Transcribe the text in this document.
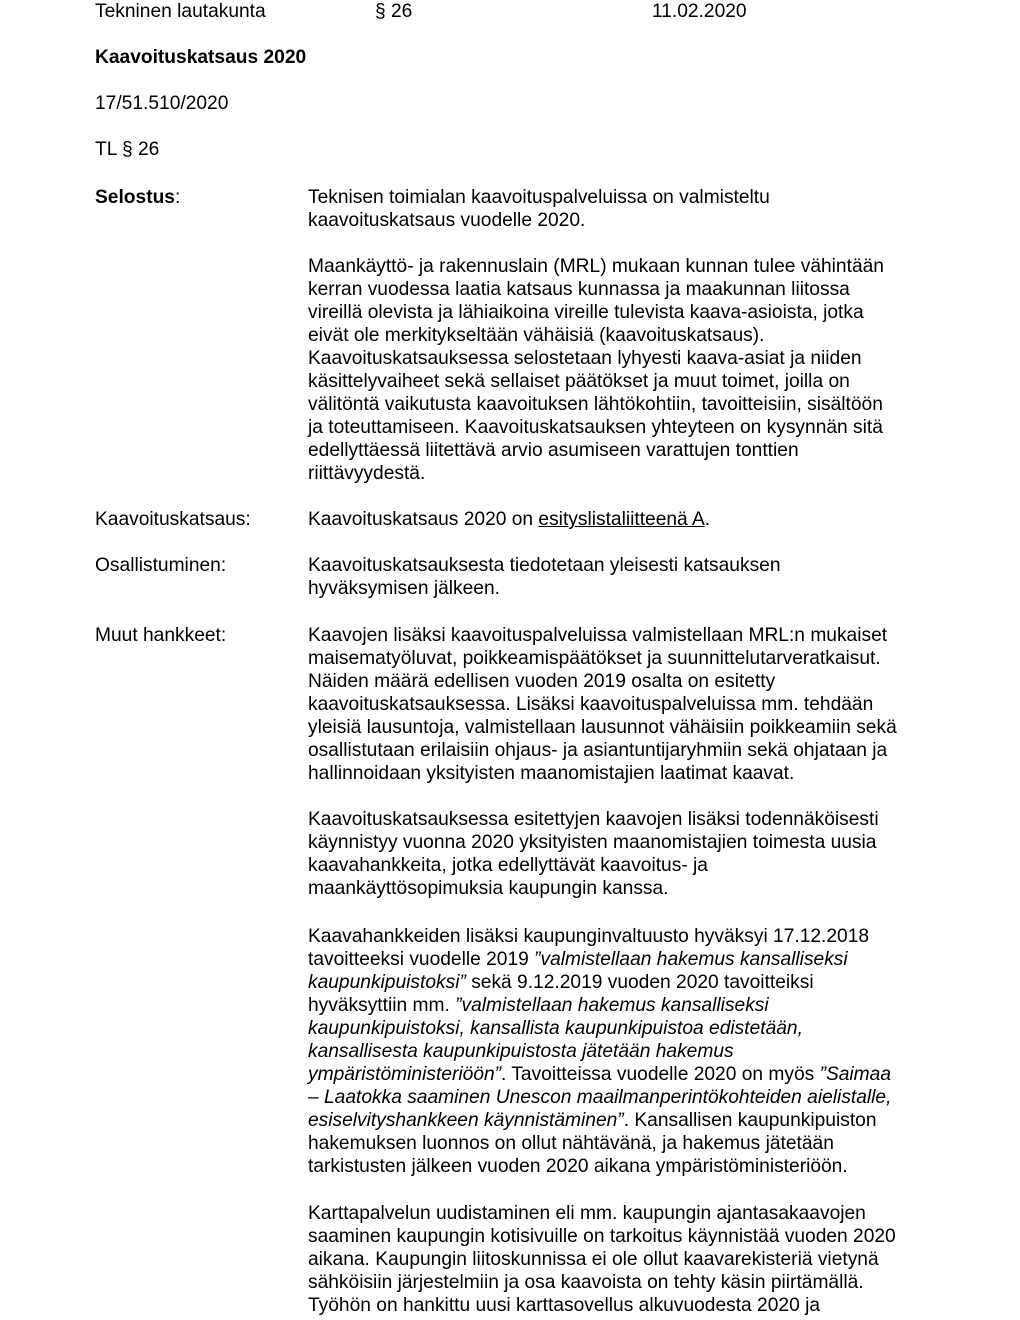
Tekninen lautakunta	§ 26	11.02.2020
Kaavoituskatsaus 2020
17/51.510/2020
TL § 26
Selostus:	Teknisen toimialan kaavoituspalveluissa on valmisteltu
kaavoituskatsaus vuodelle 2020.
Maankäyttö- ja rakennuslain (MRL) mukaan kunnan tulee vähintään
kerran vuodessa laatia katsaus kunnassa ja maakunnan liitossa
vireillä olevista ja lähiaikoina vireille tulevista kaava-asioista, jotka
eivät ole merkitykseltään vähäisiä (kaavoituskatsaus).
Kaavoituskatsauksessa selostetaan lyhyesti kaava-asiat ja niiden
käsittelyvaiheet sekä sellaiset päätökset ja muut toimet, joilla on
välitöntä vaikutusta kaavoituksen lähtökohtiin, tavoitteisiin, sisältöön
ja toteuttamiseen. Kaavoituskatsauksen yhteyteen on kysynnän sitä
edellyttäessä liitettävä arvio asumiseen varattujen tonttien
riittävyydestä.
Kaavoituskatsaus:	Kaavoituskatsaus 2020 on esityslistaliitteenä A.
Osallistuminen:	Kaavoituskatsauksesta tiedotetaan yleisesti katsauksen
hyväksymisen jälkeen.
Muut hankkeet:	Kaavojen lisäksi kaavoituspalveluissa valmistellaan MRL:n mukaiset
maisematyöluvat, poikkeamispäätökset ja suunnittelutarveratkaisut.
Näiden määrä edellisen vuoden 2019 osalta on esitetty
kaavoituskatsauksessa. Lisäksi kaavoituspalveluissa mm. tehdään
yleisiä lausuntoja, valmistellaan lausunnot vähäisiin poikkeamiin sekä
osallistutaan erilaisiin ohjaus- ja asiantuntijaryhmiin sekä ohjataan ja
hallinnoidaan yksityisten maanomistajien laatimat kaavat.
Kaavoituskatsauksessa esitettyjen kaavojen lisäksi todennäköisesti
käynnistyy vuonna 2020 yksityisten maanomistajien toimesta uusia
kaavahankkeita, jotka edellyttävät kaavoitus- ja
maankäyttösopimuksia kaupungin kanssa.
Kaavahankkeiden lisäksi kaupunginvaltuusto hyväksyi 17.12.2018
tavoitteeksi vuodelle 2019 ”valmistellaan hakemus kansalliseksi
kaupunkipuistoksi” sekä 9.12.2019 vuoden 2020 tavoitteiksi
hyväksyttiin mm. ”valmistellaan hakemus kansalliseksi
kaupunkipuistoksi, kansallista kaupunkipuistoa edistetään,
kansallisesta kaupunkipuistosta jätetään hakemus
ympäristöministeriöön”. Tavoitteissa vuodelle 2020 on myös ”Saimaa
– Laatokka saaminen Unescon maailmanperintökohteiden aielistalle,
esiselvityshankkeen käynnistäminen”. Kansallisen kaupunkipuiston
hakemuksen luonnos on ollut nähtävänä, ja hakemus jätetään
tarkistusten jälkeen vuoden 2020 aikana ympäristöministeriöön.
Karttapalvelun uudistaminen eli mm. kaupungin ajantasakaavojen
saaminen kaupungin kotisivuille on tarkoitus käynnistää vuoden 2020
aikana. Kaupungin liitoskunnissa ei ole ollut kaavarekisteriä vietynä
sähköisiin järjestelmiin ja osa kaavoista on tehty käsin piirtämällä.
Työhön on hankittu uusi karttasovellus alkuvuodesta 2020 ja
